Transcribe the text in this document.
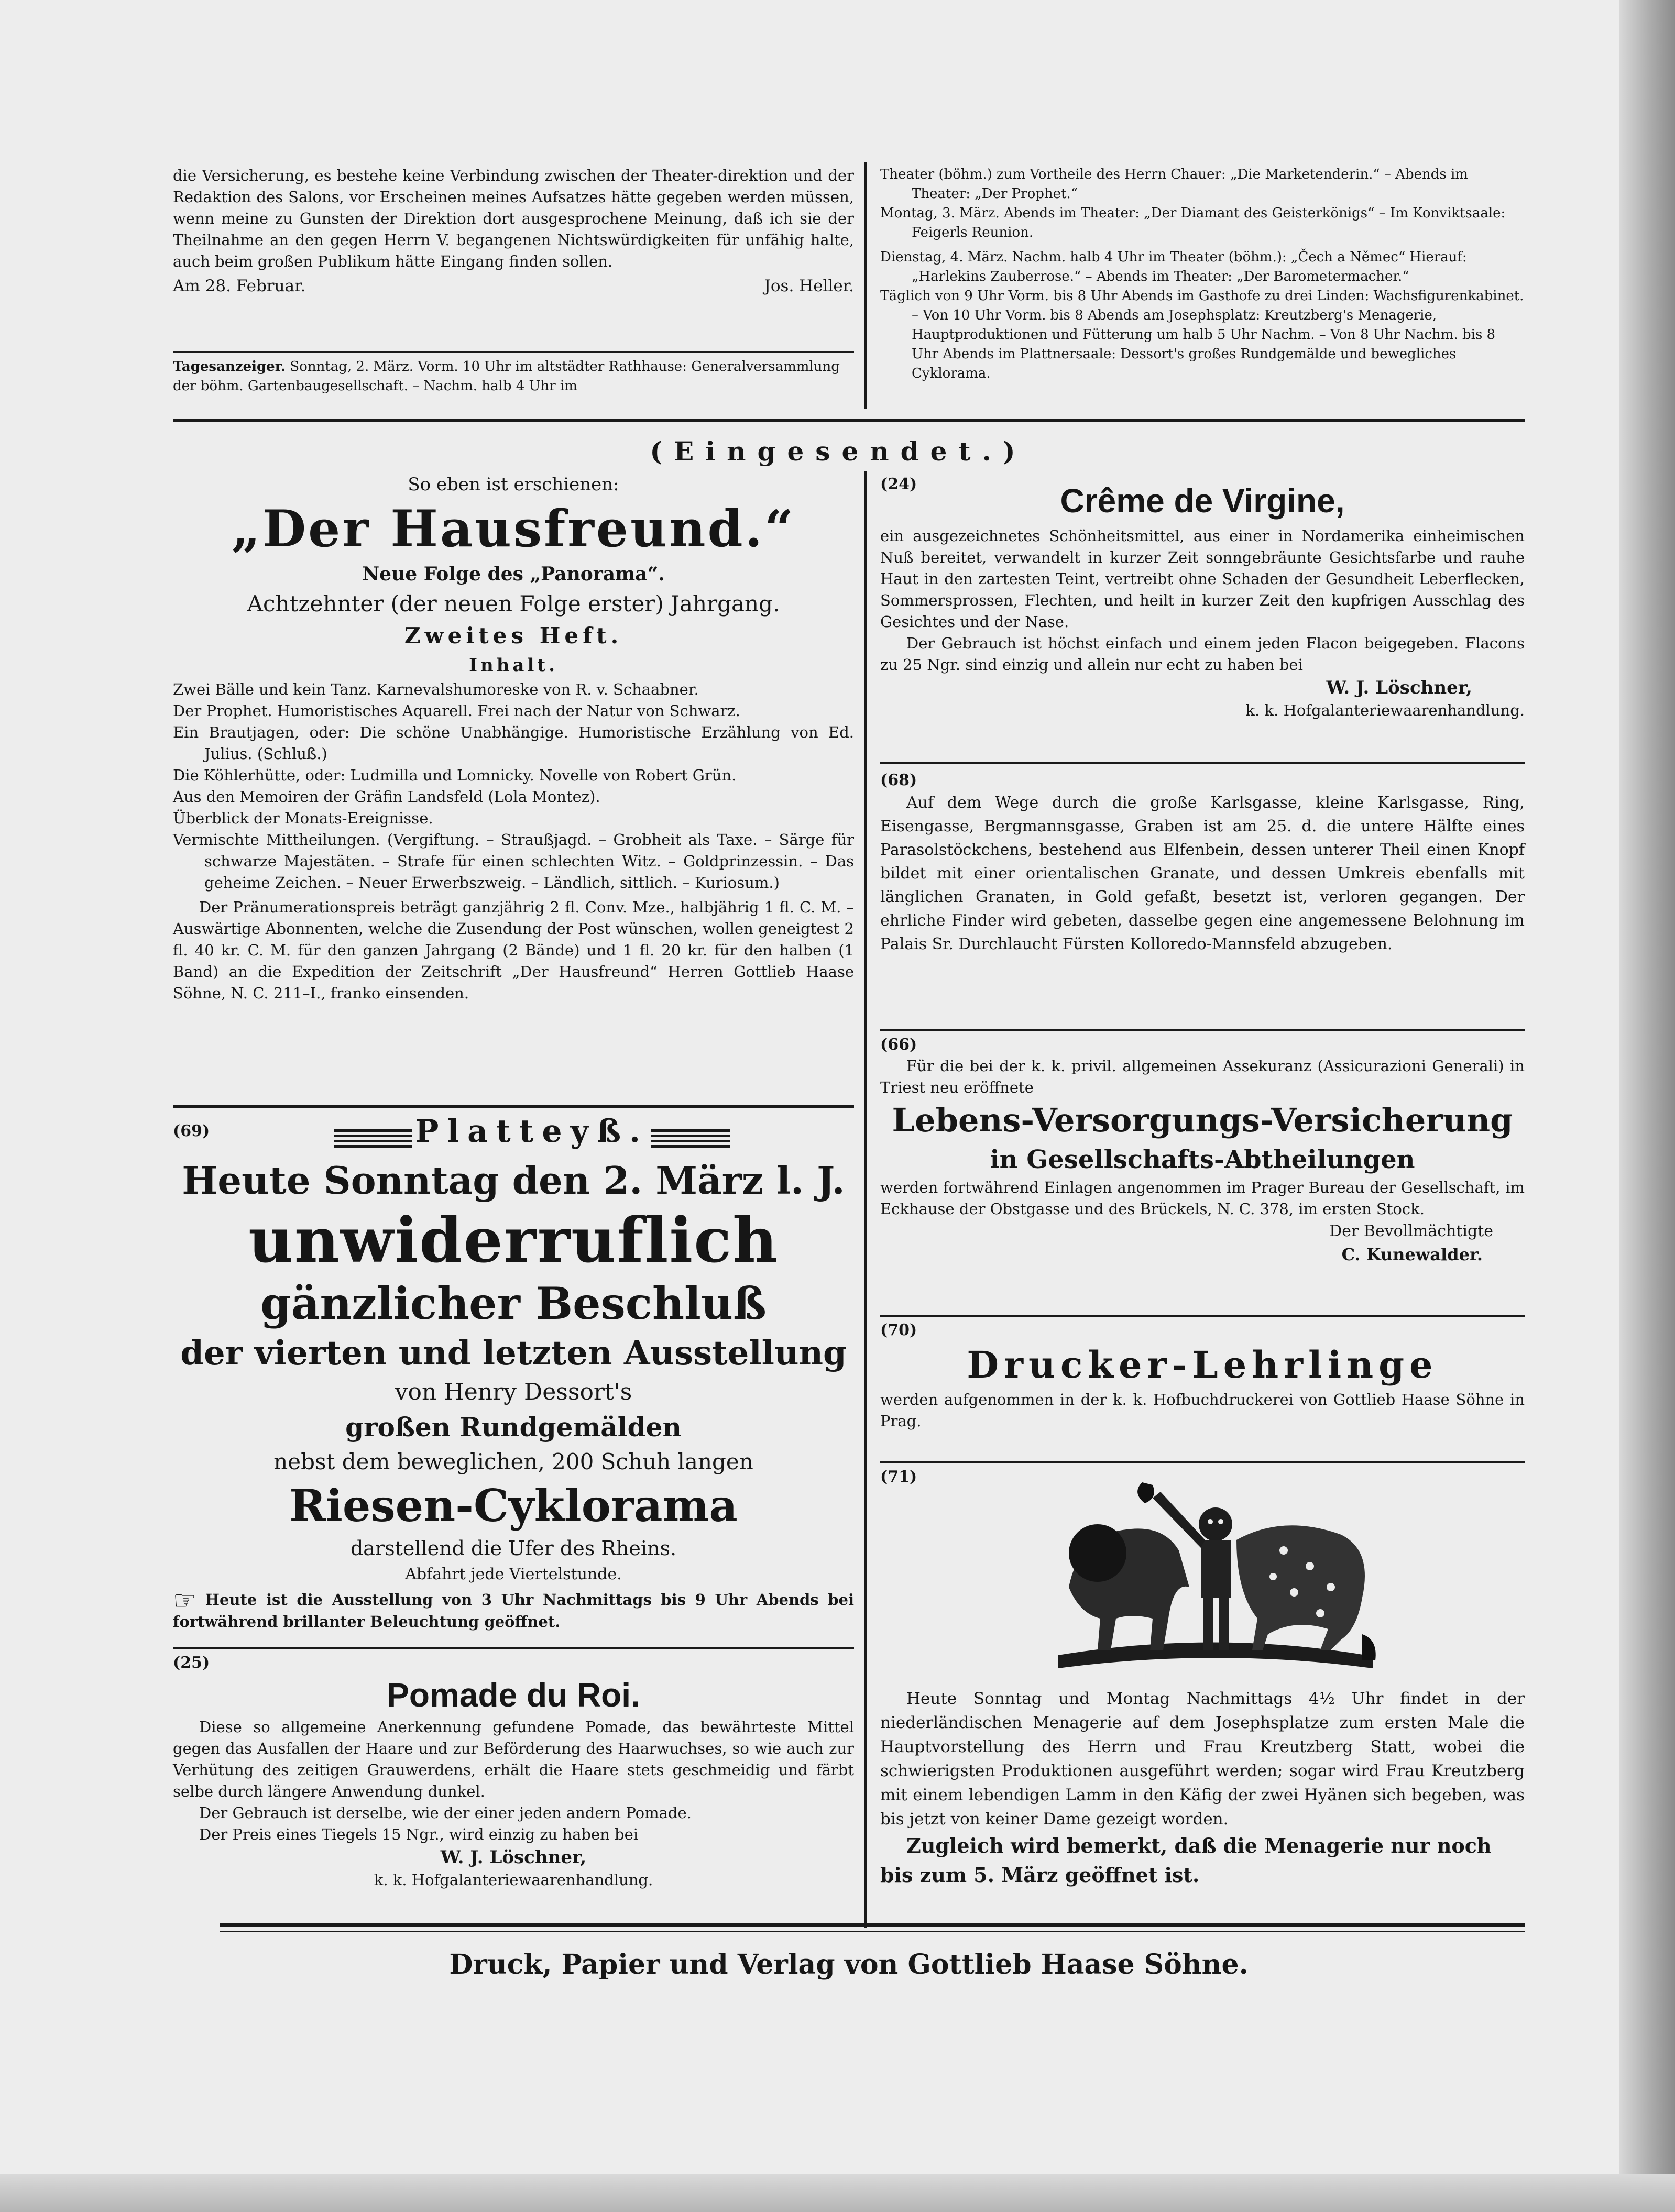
die Versicherung, es bestehe keine Verbindung zwischen der Theater-direktion und der Redaktion des Salons, vor Erscheinen meines Aufsatzes hätte gegeben werden müssen, wenn meine zu Gunsten der Direktion dort ausgesprochene Meinung, daß ich sie der Theilnahme an den gegen Herrn V. begangenen Nichtswürdigkeiten für unfähig halte, auch beim großen Publikum hätte Eingang finden sollen.

Am 28. Februar.	Jos. Heller.

Tagesanzeiger. Sonntag, 2. März. Vorm. 10 Uhr im altstädter Rathhause: Generalversammlung der böhm. Gartenbaugesellschaft. – Nachm. halb 4 Uhr im

Theater (böhm.) zum Vortheile des Herrn Chauer: „Die Marketenderin.“ – Abends im Theater: „Der Prophet.“

Montag, 3. März. Abends im Theater: „Der Diamant des Geisterkönigs“ – Im Konviktsaale: Feigerls Reunion.

Dienstag, 4. März. Nachm. halb 4 Uhr im Theater (böhm.): „Čech a Němec“ Hierauf: „Harlekins Zauberrose.“ – Abends im Theater: „Der Barometermacher.“

Täglich von 9 Uhr Vorm. bis 8 Uhr Abends im Gasthofe zu drei Linden: Wachsfigurenkabinet. – Von 10 Uhr Vorm. bis 8 Abends am Josephsplatz: Kreutzberg's Menagerie, Hauptproduktionen und Fütterung um halb 5 Uhr Nachm. – Von 8 Uhr Nachm. bis 8 Uhr Abends im Plattnersaale: Dessort's großes Rundgemälde und bewegliches Cyklorama.

(Eingesendet.)

So eben ist erschienen:

„Der Hausfreund.“

Neue Folge des „Panorama“.

Achtzehnter (der neuen Folge erster) Jahrgang.

Zweites Heft.

Inhalt.

Zwei Bälle und kein Tanz. Karnevalshumoreske von R. v. Schaabner.

Der Prophet. Humoristisches Aquarell. Frei nach der Natur von Schwarz.

Ein Brautjagen, oder: Die schöne Unabhängige. Humoristische Erzählung von Ed. Julius. (Schluß.)

Die Köhlerhütte, oder: Ludmilla und Lomnicky. Novelle von Robert Grün.

Aus den Memoiren der Gräfin Landsfeld (Lola Montez).

Überblick der Monats-Ereignisse.

Vermischte Mittheilungen. (Vergiftung. – Straußjagd. – Grobheit als Taxe. – Särge für schwarze Majestäten. – Strafe für einen schlechten Witz. – Goldprinzessin. – Das geheime Zeichen. – Neuer Erwerbszweig. – Ländlich, sittlich. – Kuriosum.)

Der Pränumerationspreis beträgt ganzjährig 2 fl. Conv. Mze., halbjährig 1 fl. C. M. – Auswärtige Abonnenten, welche die Zusendung der Post wünschen, wollen geneigtest 2 fl. 40 kr. C. M. für den ganzen Jahrgang (2 Bände) und 1 fl. 20 kr. für den halben (1 Band) an die Expedition der Zeitschrift „Der Hausfreund“ Herren Gottlieb Haase Söhne, N. C. 211–I., franko einsenden.

(69)	Platteyß.

Heute Sonntag den 2. März l. J.

unwiderruflich

gänzlicher Beschluß

der vierten und letzten Ausstellung

von Henry Dessort's

großen Rundgemälden

nebst dem beweglichen, 200 Schuh langen

Riesen-Cyklorama

darstellend die Ufer des Rheins.

Abfahrt jede Viertelstunde.

☞ Heute ist die Ausstellung von 3 Uhr Nachmittags bis 9 Uhr Abends bei fortwährend brillanter Beleuchtung geöffnet.

(25)

Pomade du Roi.

Diese so allgemeine Anerkennung gefundene Pomade, das bewährteste Mittel gegen das Ausfallen der Haare und zur Beförderung des Haarwuchses, so wie auch zur Verhütung des zeitigen Grauwerdens, erhält die Haare stets geschmeidig und färbt selbe durch längere Anwendung dunkel.

Der Gebrauch ist derselbe, wie der einer jeden andern Pomade.

Der Preis eines Tiegels 15 Ngr., wird einzig zu haben bei

W. J. Löschner,

k. k. Hofgalanteriewaarenhandlung.

(24)	Crême de Virgine,

ein ausgezeichnetes Schönheitsmittel, aus einer in Nordamerika einheimischen Nuß bereitet, verwandelt in kurzer Zeit sonngebräunte Gesichtsfarbe und rauhe Haut in den zartesten Teint, vertreibt ohne Schaden der Gesundheit Leberflecken, Sommersprossen, Flechten, und heilt in kurzer Zeit den kupfrigen Ausschlag des Gesichtes und der Nase.

Der Gebrauch ist höchst einfach und einem jeden Flacon beigegeben. Flacons zu 25 Ngr. sind einzig und allein nur echt zu haben bei

W. J. Löschner,

k. k. Hofgalanteriewaarenhandlung.

(68)

Auf dem Wege durch die große Karlsgasse, kleine Karlsgasse, Ring, Eisengasse, Bergmannsgasse, Graben ist am 25. d. die untere Hälfte eines Parasolstöckchens, bestehend aus Elfenbein, dessen unterer Theil einen Knopf bildet mit einer orientalischen Granate, und dessen Umkreis ebenfalls mit länglichen Granaten, in Gold gefaßt, besetzt ist, verloren gegangen. Der ehrliche Finder wird gebeten, dasselbe gegen eine angemessene Belohnung im Palais Sr. Durchlaucht Fürsten Kolloredo-Mannsfeld abzugeben.

(66)

Für die bei der k. k. privil. allgemeinen Assekuranz (Assicurazioni Generali) in Triest neu eröffnete

Lebens-Versorgungs-Versicherung

in Gesellschafts-Abtheilungen

werden fortwährend Einlagen angenommen im Prager Bureau der Gesellschaft, im Eckhause der Obstgasse und des Brückels, N. C. 378, im ersten Stock.

Der Bevollmächtigte

C. Kunewalder.

(70)

Drucker-Lehrlinge

werden aufgenommen in der k. k. Hofbuchdruckerei von Gottlieb Haase Söhne in Prag.

(71)

Heute Sonntag und Montag Nachmittags 4½ Uhr findet in der niederländischen Menagerie auf dem Josephsplatze zum ersten Male die Hauptvorstellung des Herrn und Frau Kreutzberg Statt, wobei die schwierigsten Produktionen ausgeführt werden; sogar wird Frau Kreutzberg mit einem lebendigen Lamm in den Käfig der zwei Hyänen sich begeben, was bis jetzt von keiner Dame gezeigt worden.

Zugleich wird bemerkt, daß die Menagerie nur noch bis zum 5. März geöffnet ist.

Druck, Papier und Verlag von Gottlieb Haase Söhne.
